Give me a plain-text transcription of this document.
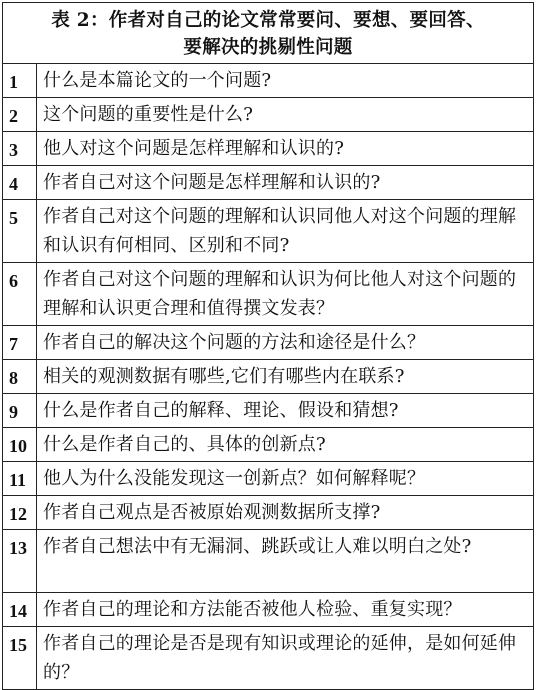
表 2：作者对自己的论文常常要问、要想、要回答、
要解决的挑剔性问题	

1	什么是本篇论文的一个问题?
2	这个问题的重要性是什么?
3	他人对这个问题是怎样理解和认识的?
4	作者自己对这个问题是怎样理解和认识的?
5	作者自己对这个问题的理解和认识同他人对这个问题的理解和认识有何相同、区别和不同?
6	作者自己对这个问题的理解和认识为何比他人对这个问题的理解和认识更合理和值得撰文发表？
7	作者自己的解决这个问题的方法和途径是什么？
8	相关的观测数据有哪些,它们有哪些内在联系?
9	什么是作者自己的解释、理论、假设和猜想?
10	什么是作者自己的、具体的创新点?
11	他人为什么没能发现这一创新点？如何解释呢？
12	作者自己观点是否被原始观测数据所支撑?
13	作者自己想法中有无漏洞、跳跃或让人难以明白之处?
14	作者自己的理论和方法能否被他人检验、重复实现？
15	作者自己的理论是否是现有知识或理论的延伸，是如何延伸的？
